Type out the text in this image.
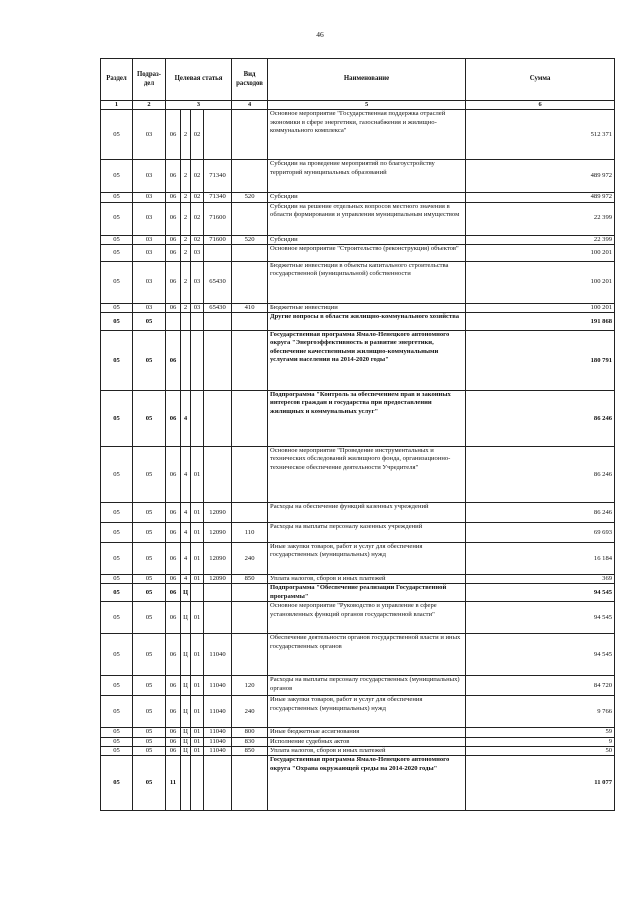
46
Раздел	Подраз-дел	Целевая статья				Вид расходов	Наименование	Сумма
1	2	3				4	5	6
05	03	06	2	02			Основное мероприятие "Государственная поддержка отраслей экономики в сфере энергетики, газоснабжения и жилищно-коммунального комплекса"	512 371
05	03	06	2	02	71340		Субсидии на проведение мероприятий по благоустройству территорий муниципальных образований	489 972
05	03	06	2	02	71340	520	Субсидии	489 972
05	03	06	2	02	71600		Субсидии на решение отдельных вопросов местного значения в области формирования и управления муниципальным имуществом	22 399
05	03	06	2	02	71600	520	Субсидии	22 399
05	03	06	2	03			Основное мероприятие "Строительство (реконструкция) объектов"	100 201
05	03	06	2	03	65430		Бюджетные инвестиции в объекты капитального строительства государственной (муниципальной) собственности	100 201
05	03	06	2	03	65430	410	Бюджетные инвестиции	100 201
05	05						Другие вопросы в области жилищно-коммунального хозяйства	191 868
05	05	06					Государственная программа Ямало-Ненецкого автономного округа "Энергоэффективность и развитие энергетики, обеспечение качественными жилищно-коммунальными услугами населения на 2014-2020 годы"	180 791
05	05	06	4				Подпрограмма "Контроль за обеспечением прав и законных интересов граждан и государства при предоставлении жилищных и коммунальных услуг"	86 246
05	05	06	4	01			Основное мероприятие "Проведение инструментальных и технических обследований жилищного фонда, организационно-техническое обеспечение деятельности Учредителя"	86 246
05	05	06	4	01	12090		Расходы на обеспечение функций казенных учреждений	86 246
05	05	06	4	01	12090	110	Расходы на выплаты персоналу казенных учреждений	69 693
05	05	06	4	01	12090	240	Иные закупки товаров, работ и услуг для обеспечения государственных (муниципальных) нужд	16 184
05	05	06	4	01	12090	850	Уплата налогов, сборов и иных платежей	369
05	05	06	Ц				Подпрограмма "Обеспечение реализации Государственной программы"	94 545
05	05	06	Ц	01			Основное мероприятие "Руководство и управление в сфере установленных функций органов государственной власти"	94 545
05	05	06	Ц	01	11040		Обеспечение деятельности органов государственной власти и иных государственных органов	94 545
05	05	06	Ц	01	11040	120	Расходы на выплаты персоналу государственных (муниципальных) органов	84 720
05	05	06	Ц	01	11040	240	Иные закупки товаров, работ и услуг для обеспечения государственных (муниципальных) нужд	9 766
05	05	06	Ц	01	11040	800	Иные бюджетные ассигнования	59
05	05	06	Ц	01	11040	830	Исполнение судебных актов	9
05	05	06	Ц	01	11040	850	Уплата налогов, сборов и иных платежей	50
05	05	11					Государственная программа Ямало-Ненецкого автономного округа "Охрана окружающей среды на 2014-2020 годы"	11 077
